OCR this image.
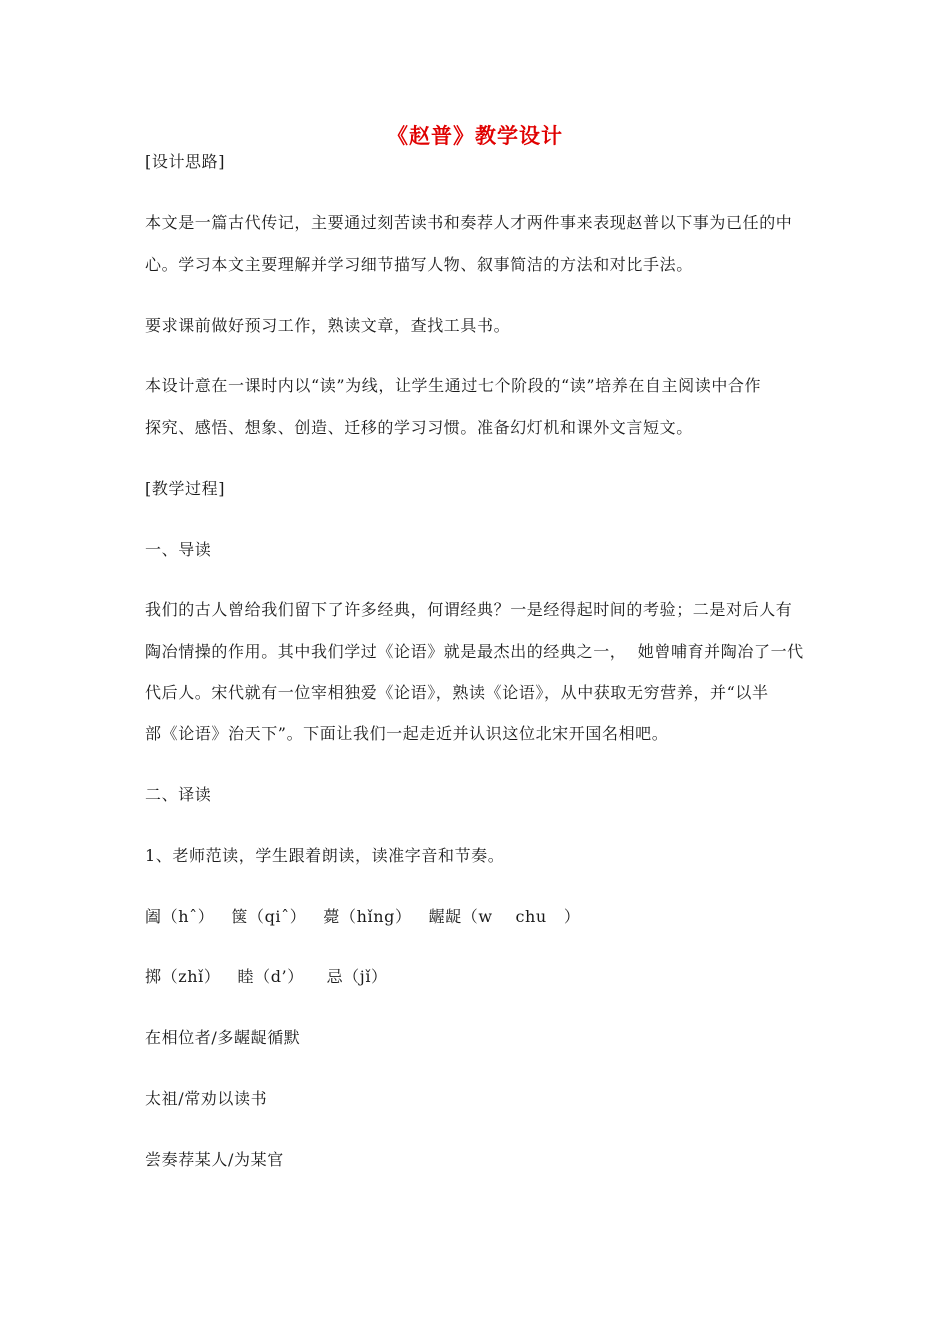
《赵普》教学设计
[设计思路]
本文是一篇古代传记，主要通过刻苦读书和奏荐人才两件事来表现赵普以下事为已任的中
心。学习本文主要理解并学习细节描写人物、叙事简洁的方法和对比手法。
要求课前做好预习工作，熟读文章，查找工具书。
本设计意在一课时内以“读”为线，让学生通过七个阶段的“读”培养在自主阅读中合作
探究、感悟、想象、创造、迁移的学习习惯。准备幻灯机和课外文言短文。
[教学过程]
一、导读
我们的古人曾给我们留下了许多经典，何谓经典？一是经得起时间的考验；二是对后人有
陶冶情操的作用。其中我们学过《论语》就是最杰出的经典之一，  她曾哺育并陶冶了一代
代后人。宋代就有一位宰相独爱《论语》，熟读《论语》，从中获取无穷营养，并“以半
部《论语》治天下”。下面让我们一起走近并认识这位北宋开国名相吧。
二、译读
1、老师范读，学生跟着朗读，读准字音和节奏。
阖（hˆ）   箧（qiˆ）   薨（hǐng）   龌龊（w    chu   ）
掷（zhǐ）   睦（d’）    忌（jǐ）
在相位者/多龌龊循默
太祖/常劝以读书
尝奏荐某人/为某官
